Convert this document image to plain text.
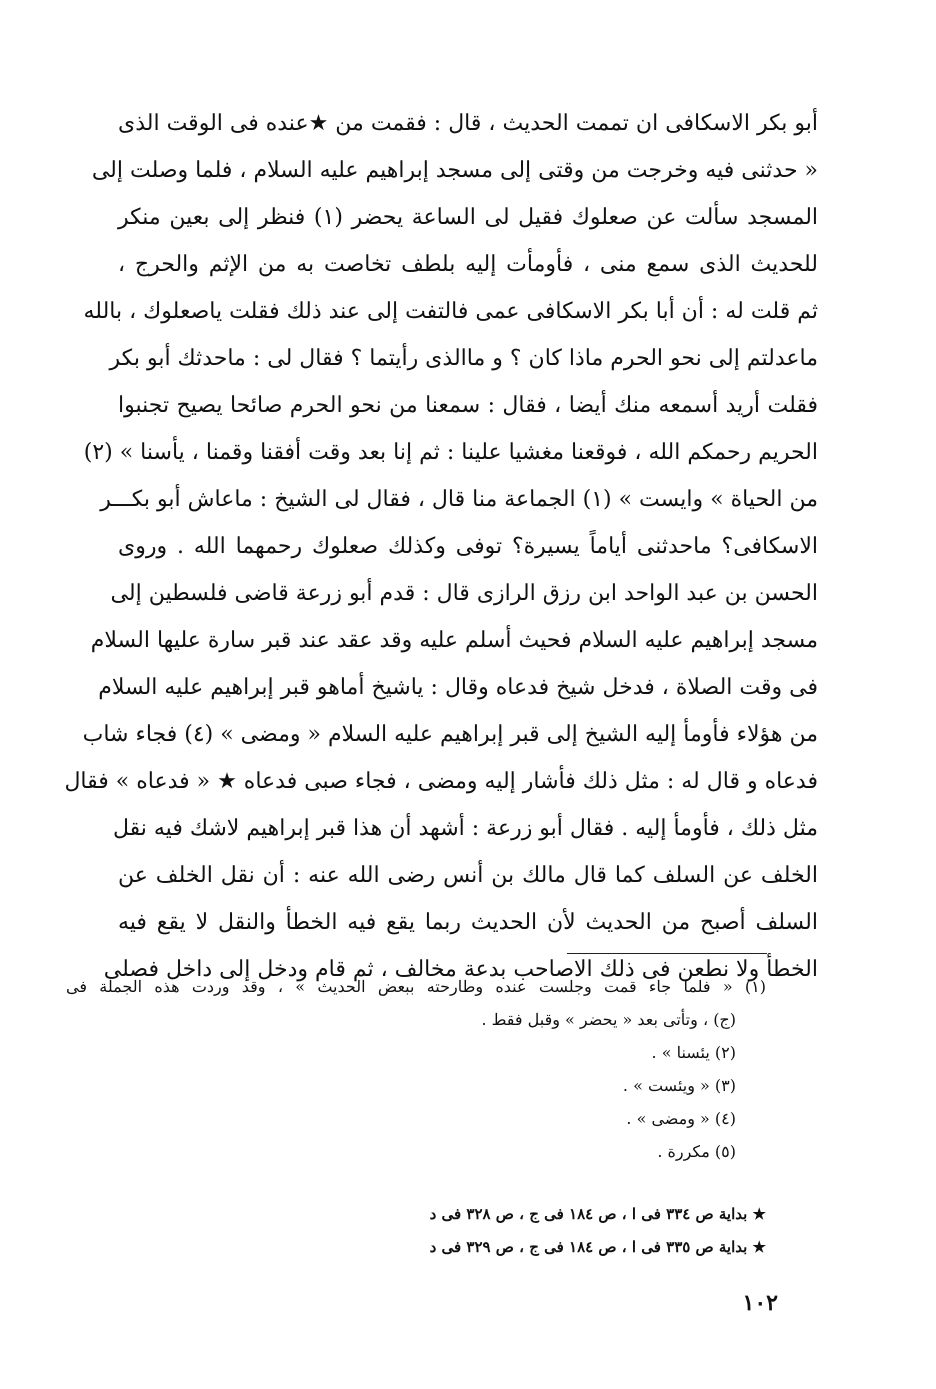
أبو بكر الاسكافى ان تممت الحديث ، قال : فقمت من ★عنده فى الوقت الذى
« حدثنى فيه وخرجت من وقتى إلى مسجد إبراهيم عليه السلام ، فلما وصلت إلى
المسجد سألت عن صعلوك فقيل لى الساعة يحضر (١) فنظر إلى بعين منكر
للحديث الذى سمع منى ، فأومأت إليه بلطف تخاصت به من الإثم والحرج ،
ثم قلت له : أن أبا بكر الاسكافى عمى فالتفت إلى عند ذلك فقلت ياصعلوك ، بالله
ماعدلتم إلى نحو الحرم ماذا كان ؟ و ماالذى رأيتما ؟ فقال لى : ماحدثك أبو بكر
فقلت أريد أسمعه منك أيضا ، فقال : سمعنا من نحو الحرم صائحا يصيح تجنبوا
الحريم رحمكم الله ، فوقعنا مغشيا علينا : ثم إنا بعد وقت أفقنا وقمنا ، يأسنا » (٢)
من الحياة » وايست » (١) الجماعة منا قال ، فقال لى الشيخ : ماعاش أبو بكـــر
الاسكافى؟ ماحدثنى أياماً يسيرة؟ توفى وكذلك صعلوك رحمهما الله . وروى
الحسن بن عبد الواحد ابن رزق الرازى قال : قدم أبو زرعة قاضى فلسطين إلى
مسجد إبراهيم عليه السلام فحيث أسلم عليه وقد عقد عند قبر سارة عليها السلام
فى وقت الصلاة ، فدخل شيخ فدعاه وقال : ياشيخ أماهو قبر إبراهيم عليه السلام
من هؤلاء فأومأ إليه الشيخ إلى قبر إبراهيم عليه السلام « ومضى » (٤) فجاء شاب
فدعاه و قال له : مثل ذلك فأشار إليه ومضى ، فجاء صبى فدعاه ★ « فدعاه » فقال
مثل ذلك ، فأومأ إليه . فقال أبو زرعة : أشهد أن هذا قبر إبراهيم لاشك فيه نقل
الخلف عن السلف كما قال مالك بن أنس رضى الله عنه : أن نقل الخلف عن
السلف أصبح من الحديث لأن الحديث ربما يقع فيه الخطأ والنقل لا يقع فيه
الخطأ ولا نطعن فى ذلك الاصاحب بدعة مخالف ، ثم قام ودخل إلى داخل فصلى
(١) « فلما جاء قمت وجلست عنده وطارحته ببعض الحديث » ، وقد وردت هذه الجملة فى
(ج) ، وتأتى بعد « يحضر » وقبل فقط .
(٢) يئسنا » .
(٣) « ويئست » .
(٤) « ومضى » .
(٥) مكررة .
★ بداية ص ٣٣٤ فى ا ، ص ١٨٤ فى ج ، ص ٣٢٨ فى د
★ بداية ص ٣٣٥ فى ا ، ص ١٨٤ فى ج ، ص ٣٢٩ فى د
١٠٢
